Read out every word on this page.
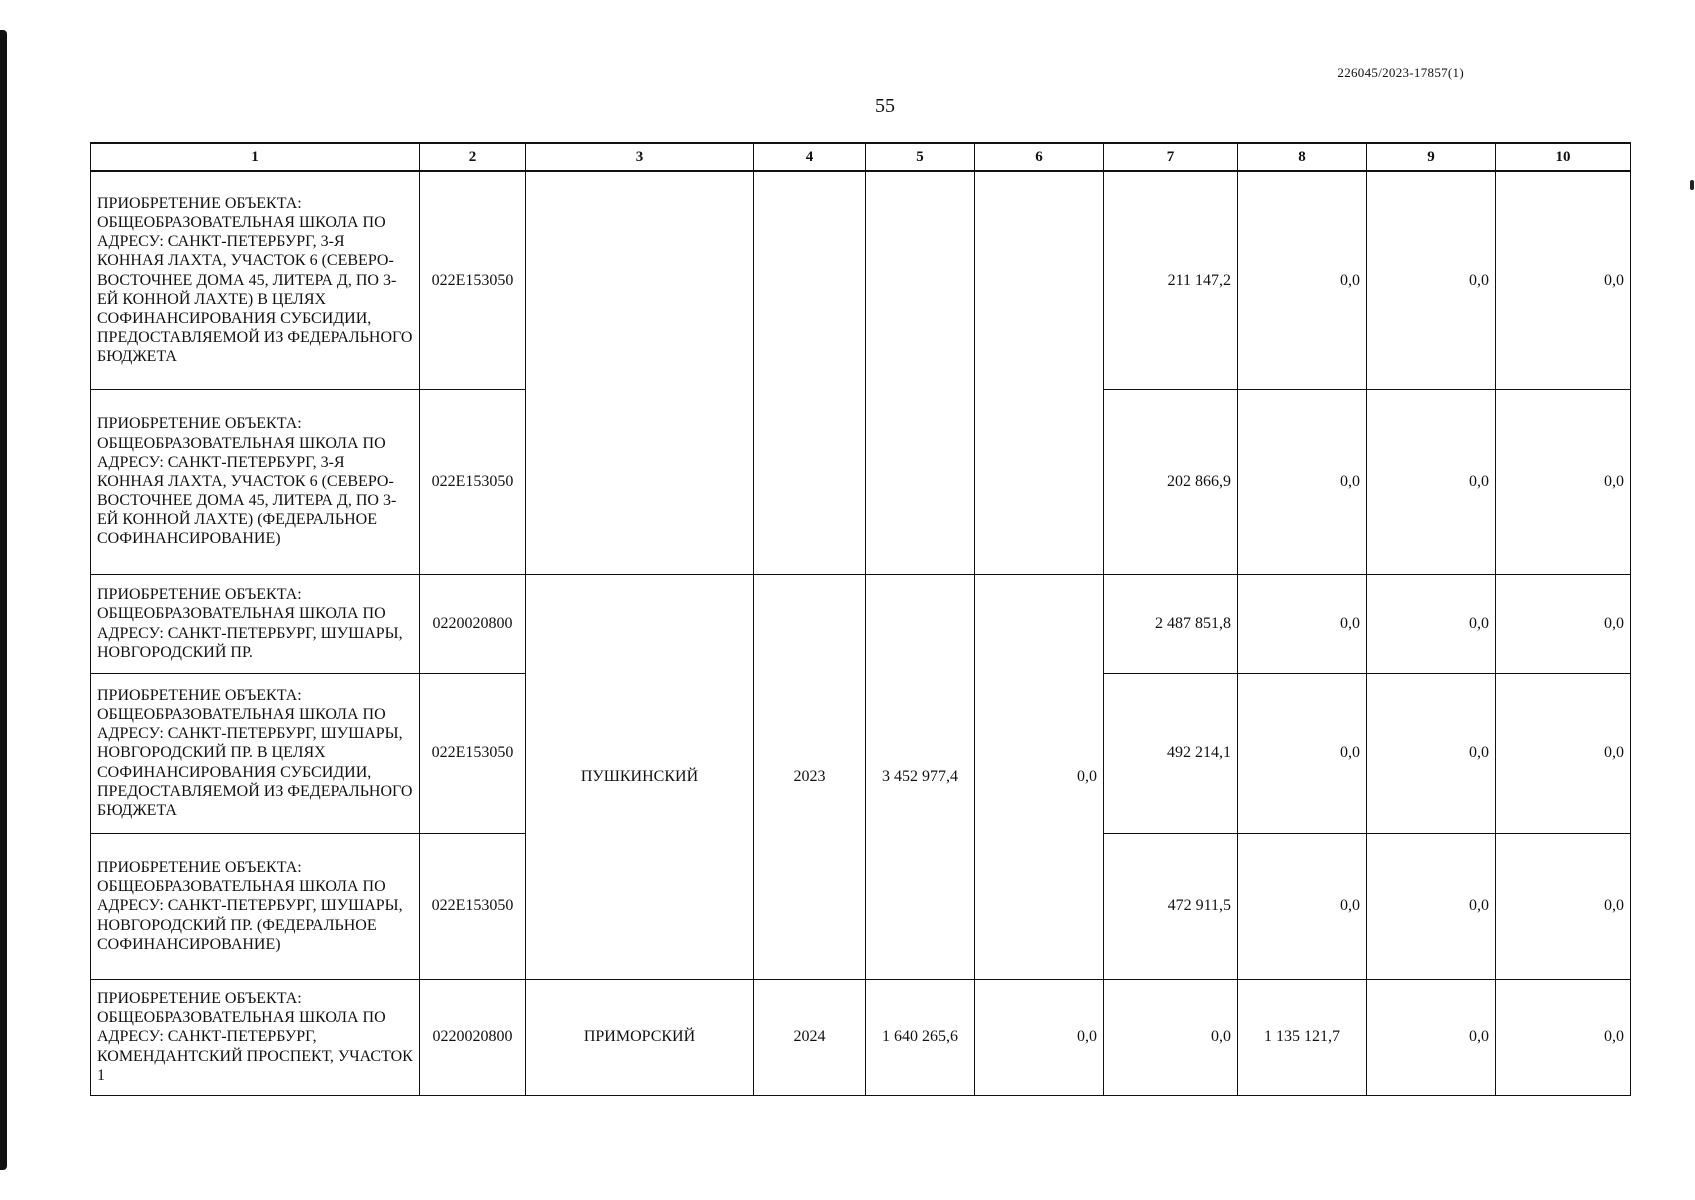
226045/2023-17857(1)
55
1	2	3	4	5	6	7	8	9	10
ПРИОБРЕТЕНИЕ ОБЪЕКТА: ОБЩЕОБРАЗОВАТЕЛЬНАЯ ШКОЛА ПО АДРЕСУ: САНКТ-ПЕТЕРБУРГ, 3-Я КОННАЯ ЛАХТА, УЧАСТОК 6 (СЕВЕРО-ВОСТОЧНЕЕ ДОМА 45, ЛИТЕРА Д, ПО 3-ЕЙ КОННОЙ ЛАХТЕ) В ЦЕЛЯХ СОФИНАНСИРОВАНИЯ СУБСИДИИ, ПРЕДОСТАВЛЯЕМОЙ ИЗ ФЕДЕРАЛЬНОГО БЮДЖЕТА	022E153050					211 147,2	0,0	0,0	0,0
ПРИОБРЕТЕНИЕ ОБЪЕКТА: ОБЩЕОБРАЗОВАТЕЛЬНАЯ ШКОЛА ПО АДРЕСУ: САНКТ-ПЕТЕРБУРГ, 3-Я КОННАЯ ЛАХТА, УЧАСТОК 6 (СЕВЕРО-ВОСТОЧНЕЕ ДОМА 45, ЛИТЕРА Д, ПО 3-ЕЙ КОННОЙ ЛАХТЕ) (ФЕДЕРАЛЬНОЕ СОФИНАНСИРОВАНИЕ)	022E153050					202 866,9	0,0	0,0	0,0
ПРИОБРЕТЕНИЕ ОБЪЕКТА: ОБЩЕОБРАЗОВАТЕЛЬНАЯ ШКОЛА ПО АДРЕСУ: САНКТ-ПЕТЕРБУРГ, ШУШАРЫ, НОВГОРОДСКИЙ ПР.	0220020800	ПУШКИНСКИЙ	2023	3 452 977,4	0,0	2 487 851,8	0,0	0,0	0,0
ПРИОБРЕТЕНИЕ ОБЪЕКТА: ОБЩЕОБРАЗОВАТЕЛЬНАЯ ШКОЛА ПО АДРЕСУ: САНКТ-ПЕТЕРБУРГ, ШУШАРЫ, НОВГОРОДСКИЙ ПР. В ЦЕЛЯХ СОФИНАНСИРОВАНИЯ СУБСИДИИ, ПРЕДОСТАВЛЯЕМОЙ ИЗ ФЕДЕРАЛЬНОГО БЮДЖЕТА	022E153050					492 214,1	0,0	0,0	0,0
ПРИОБРЕТЕНИЕ ОБЪЕКТА: ОБЩЕОБРАЗОВАТЕЛЬНАЯ ШКОЛА ПО АДРЕСУ: САНКТ-ПЕТЕРБУРГ, ШУШАРЫ, НОВГОРОДСКИЙ ПР. (ФЕДЕРАЛЬНОЕ СОФИНАНСИРОВАНИЕ)	022E153050					472 911,5	0,0	0,0	0,0
ПРИОБРЕТЕНИЕ ОБЪЕКТА: ОБЩЕОБРАЗОВАТЕЛЬНАЯ ШКОЛА ПО АДРЕСУ: САНКТ-ПЕТЕРБУРГ, КОМЕНДАНТСКИЙ ПРОСПЕКТ, УЧАСТОК 1	0220020800	ПРИМОРСКИЙ	2024	1 640 265,6	0,0	0,0	1 135 121,7	0,0	0,0
